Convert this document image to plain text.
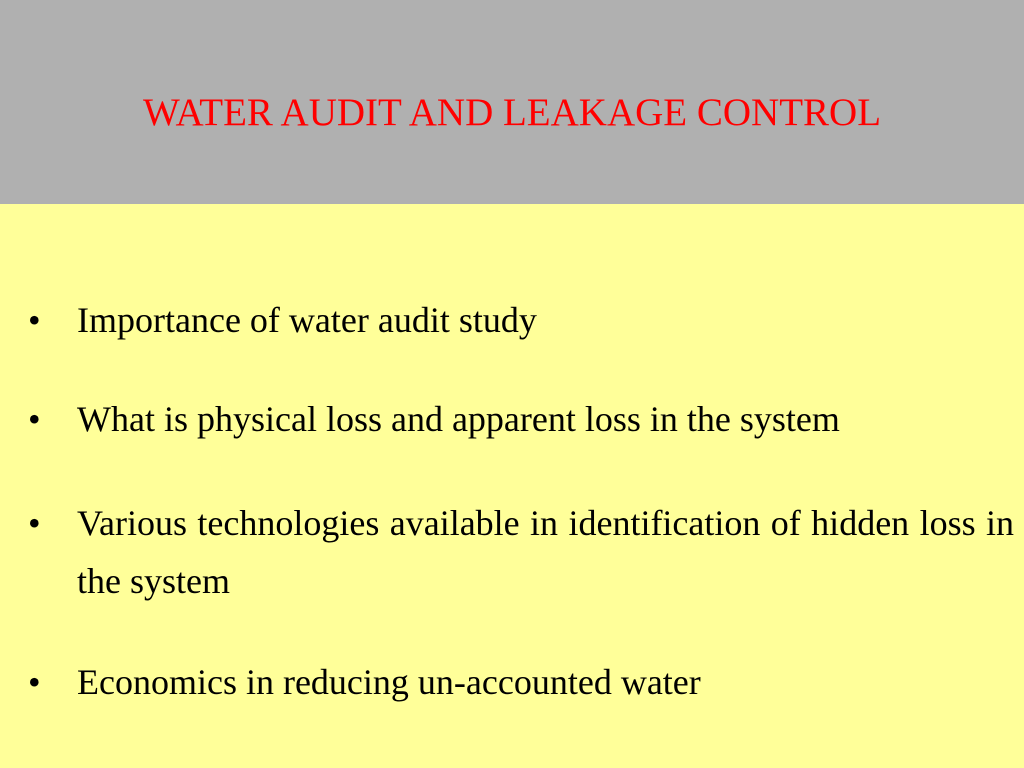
WATER AUDIT AND LEAKAGE CONTROL
• Importance of water audit study
• What is physical loss and apparent loss in the system
• Various technologies available in identification of hidden loss in the system
• Economics in reducing un-accounted water
